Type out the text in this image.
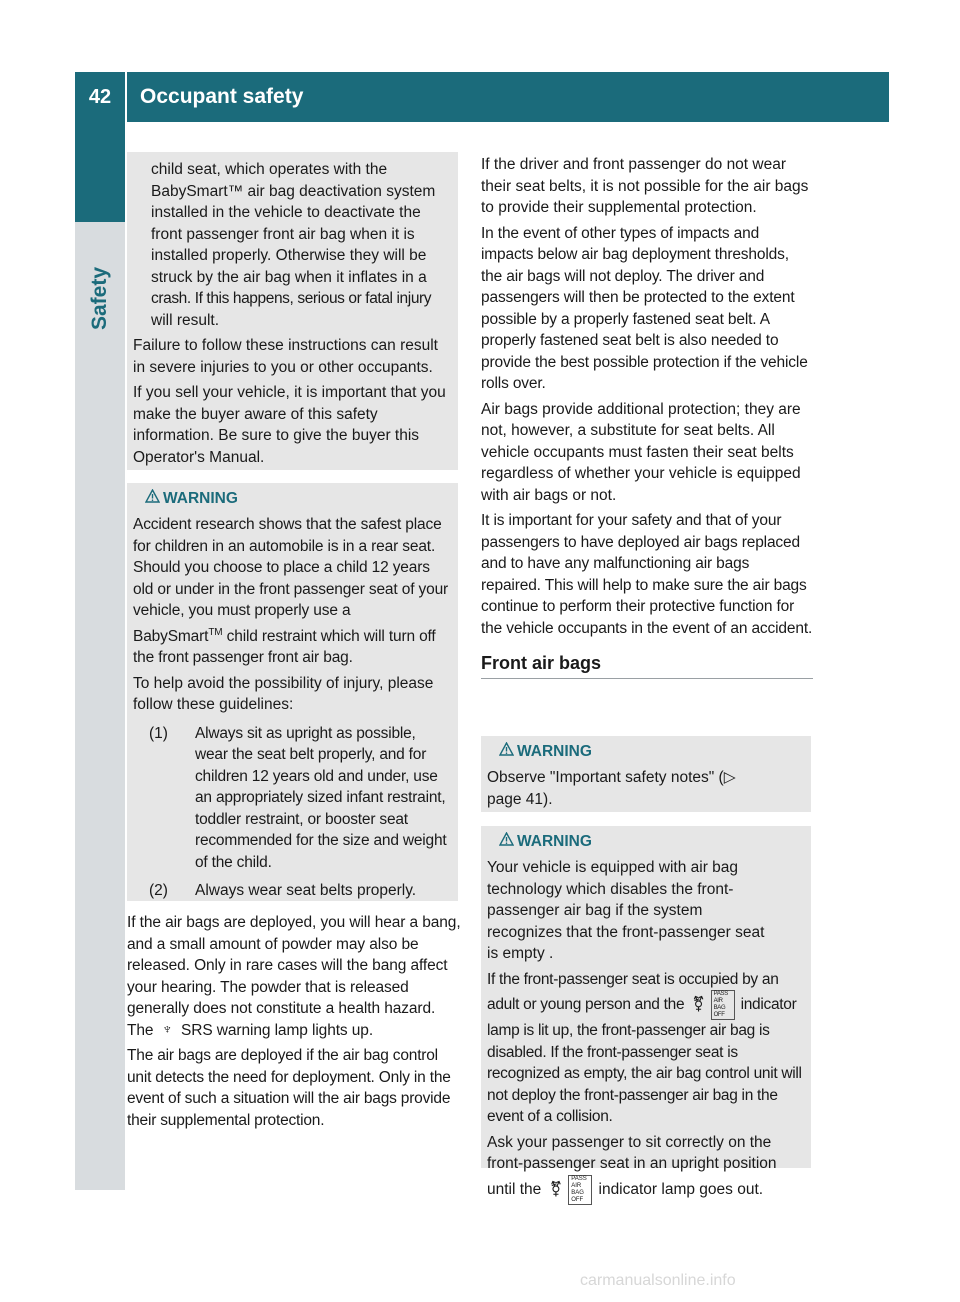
42	Occupant safety
Safety
child seat, which operates with the
BabySmart™ air bag deactivation system
installed in the vehicle to deactivate the
front passenger front air bag when it is
installed properly. Otherwise they will be
struck by the air bag when it inflates in a
crash. If this happens, serious or fatal injury
will result.

Failure to follow these instructions can result in severe injuries to you or other occupants.

If you sell your vehicle, it is important that you make the buyer aware of this safety information. Be sure to give the buyer this Operator's Manual.

WARNING

Accident research shows that the safest place for children in an automobile is in a rear seat. Should you choose to place a child 12 years old or under in the front passenger seat of your vehicle, you must properly use a
BabySmart™ child restraint which will turn off the front passenger front air bag.

To help avoid the possibility of injury, please follow these guidelines:

(1)	Always sit as upright as possible, wear the seat belt properly, and for children 12 years old and under, use an appropriately sized infant restraint, toddler restraint, or booster seat recommended for the size and weight of the child.
(2)	Always wear seat belts properly.

If the air bags are deployed, you will hear a bang, and a small amount of powder may also be released. Only in rare cases will the bang affect your hearing. The powder that is released generally does not constitute a health hazard. The ♆ SRS warning lamp lights up.

The air bags are deployed if the air bag control unit detects the need for deployment. Only in the event of such a situation will the air bags provide their supplemental protection.

If the driver and front passenger do not wear their seat belts, it is not possible for the air bags to provide their supplemental protection.

In the event of other types of impacts and impacts below air bag deployment thresholds, the air bags will not deploy. The driver and passengers will then be protected to the extent possible by a properly fastened seat belt. A properly fastened seat belt is also needed to provide the best possible protection if the vehicle rolls over.

Air bags provide additional protection; they are not, however, a substitute for seat belts. All vehicle occupants must fasten their seat belts regardless of whether your vehicle is equipped with air bags or not.

It is important for your safety and that of your passengers to have deployed air bags replaced and to have any malfunctioning air bags repaired. This will help to make sure the air bags continue to perform their protective function for the vehicle occupants in the event of an accident.

Front air bags
WARNING

Observe "Important safety notes" (▷ page 41).

WARNING

Your vehicle is equipped with air bag technology which disables the front-passenger air bag if the system recognizes that the front-passenger seat is empty .

If the front-passenger seat is occupied by an adult or young person and the ⚧PASS AIR BAG OFF indicator lamp is lit up, the front-passenger air bag is disabled. If the front-passenger seat is recognized as empty, the air bag control unit will not deploy the front-passenger air bag in the event of a collision.

Ask your passenger to sit correctly on the front-passenger seat in an upright position until the ⚧PASS AIR BAG OFF indicator lamp goes out.

carmanualsonline.info
